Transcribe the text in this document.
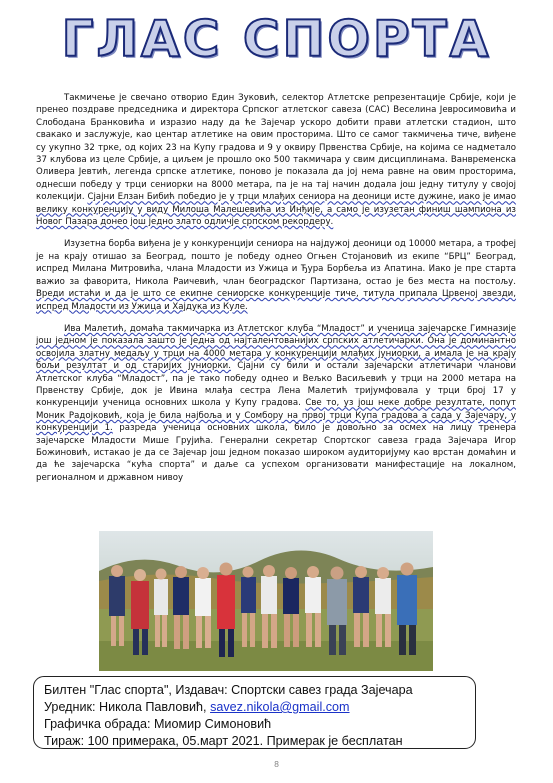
ГЛАС СПОРТА

Такмичење је свечано отворио Един Зуковић, селектор Атлетске репрезентације Србије, који је пренео поздраве председника и директора Српског атлетског савеза (САС) Веселина Јевросимовића и Слободана Бранковића и изразио наду да ће Зајечар ускоро добити прави атлетски стадион, што свакако и заслужује, као центар атлетике на овим просторима. Што се самог такмичења тиче, виђене су укупно 32 трке, од којих 23 на Купу градова и 9 у оквиру Првенства Србије, на којима се надметало 37 клубова из целе Србије, а циљем је прошло око 500 такмичара у свим дисциплинама. Ванвременска Оливера Јевтић, легенда српске атлетике, поново је показала да јој нема равне на овим просторима, однесши победу у трци сениорки на 8000 метара, па је на тај начин додала још једну титулу у својој колекцији. Сјајни Елзан Бибић победио је у трци млађих сениора на деоници исте дужине, иако је имао велику конкуренцију у виду Милоша Малешевића из Инђије, а само је изузетан финиш шампиона из Новог Пазара донео још једно злато одличје српском рекордеру.

Изузетна борба виђена је у конкуренцији сениора на најдужој деоници од 10000 метара, а трофеј је на крају отишао за Београд, пошто је победу однео Огњен Стојановић из екипе “БРЦ” Београд, испред Милана Митровића, члана Младости из Ужица и Ђура Борбеља из Апатина. Иако је пре старта важио за фаворита, Никола Раичевић, члан београдског Партизана, остао је без места на постољу. Вреди истаћи и да је што се екипне сениорске конкуренције тиче, титула припала Црвеној звезди, испред Младости из Ужица и Хајдука из Куле.

Ива Малетић, домаћа такмичарка из Атлетског клуба “Младост” и ученица зајечарске Гимназије још једном је показала зашто је једна од најталентованијих српских атлетичарки. Она је доминантно освојила златну медаљу у трци на 4000 метара у конкуренцији млађих јуниорки, а имала је на крају бољи резултат и од старијих јуниорки. Сјајни су били и остали зајечарски атлетичари чланови Атлетског клуба “Младост”, па је тако победу однео и Вељко Васиљевић у трци на 2000 метара на Првенству Србије, док је Ивина млађа сестра Лена Малетић тријумфовала у трци број 17 у конкуренцији ученица основних школа у Купу градова. Све то, уз још неке добре резултате, попут Моник Радојковић, која је била најбоља и у Сомбору на првој трци Купа градова а сада у Зајечару, у конкуренцији 1. разреда ученица основних школа, било је довољно за осмех на лицу тренера зајечарске Младости Мише Грујића. Генерални секретар Спортског савеза града Зајечара Игор Божиновић, истакао је да се Зајечар још једном показао широком аудиторијуму као врстан домаћин и да ће зајечарска “кућа спорта” и даље са успехом организовати манифестације на локалном, регионалном и државном нивоу

Билтен "Глас спорта", Издавач: Спортски савез града Зајечара
Уредник: Никола Павловић, savez.nikola@gmail.com
Графичка обрада: Миомир Симоновић
Тираж: 100 примерака, 05.март 2021. Примерак је бесплатан
8
